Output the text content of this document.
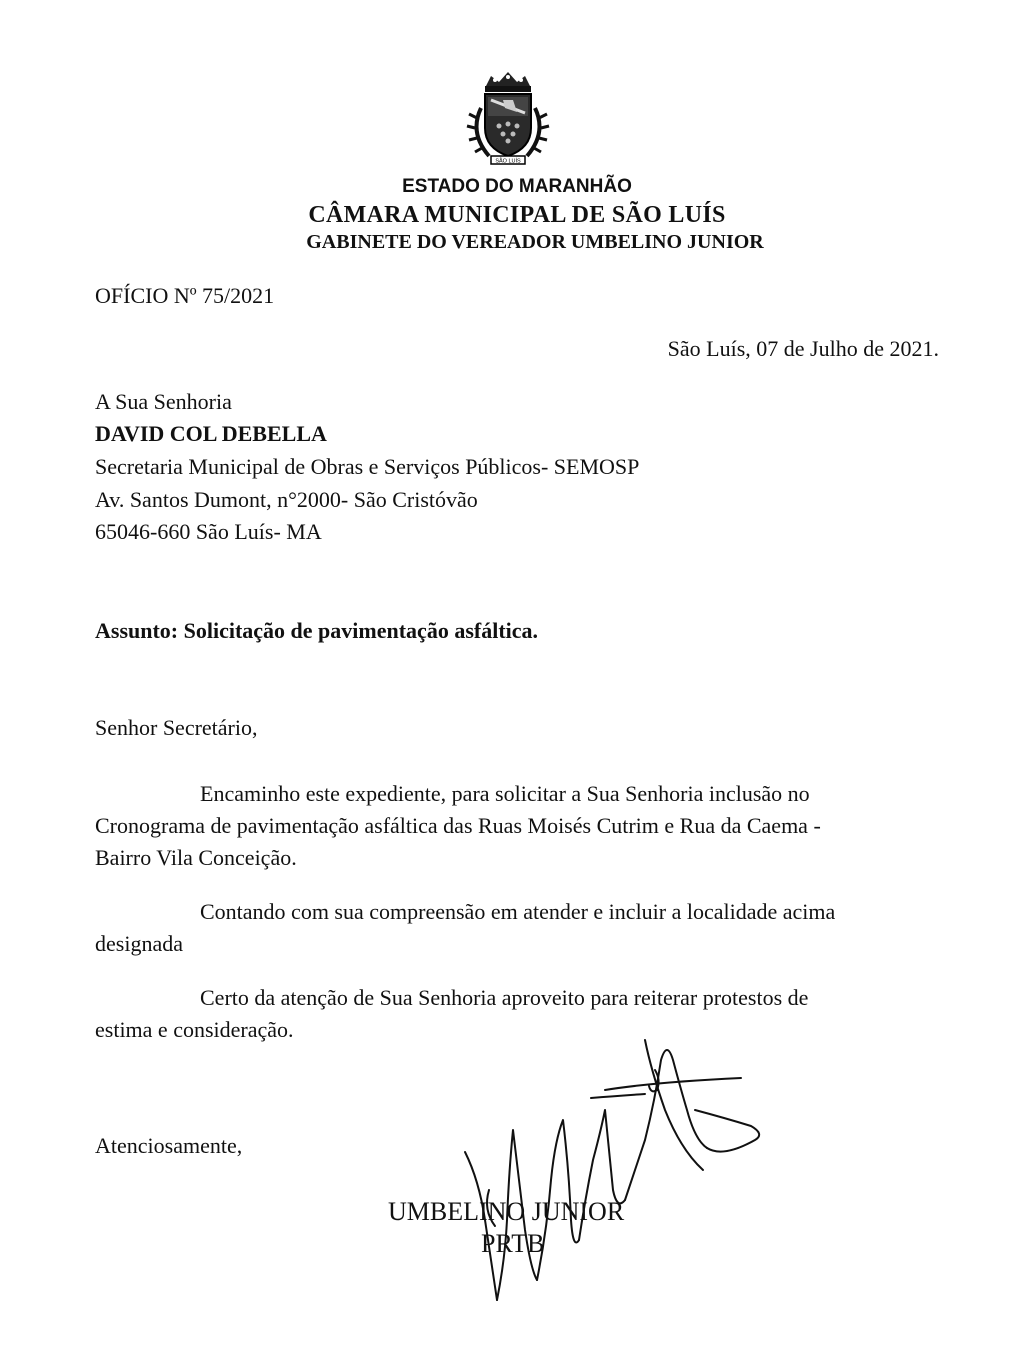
SÃO LUÍS
ESTADO DO MARANHÃO
CÂMARA MUNICIPAL DE SÃO LUÍS
GABINETE DO VEREADOR UMBELINO JUNIOR
OFÍCIO Nº 75/2021
São Luís, 07 de Julho de 2021.
A Sua Senhoria
DAVID COL DEBELLA
Secretaria Municipal de Obras e Serviços Públicos- SEMOSP
Av. Santos Dumont, n°2000- São Cristóvão
65046-660 São Luís- MA
Assunto: Solicitação de pavimentação asfáltica.
Senhor Secretário,
Encaminho este expediente, para solicitar a Sua Senhoria inclusão no
Cronograma de pavimentação asfáltica das Ruas Moisés Cutrim e Rua da Caema -
Bairro Vila Conceição.
Contando com sua compreensão em atender e incluir a localidade acima
designada
Certo da atenção de Sua Senhoria aproveito para reiterar protestos de
estima e consideração.
Atenciosamente,
UMBELINO JUNIOR
PRTB
